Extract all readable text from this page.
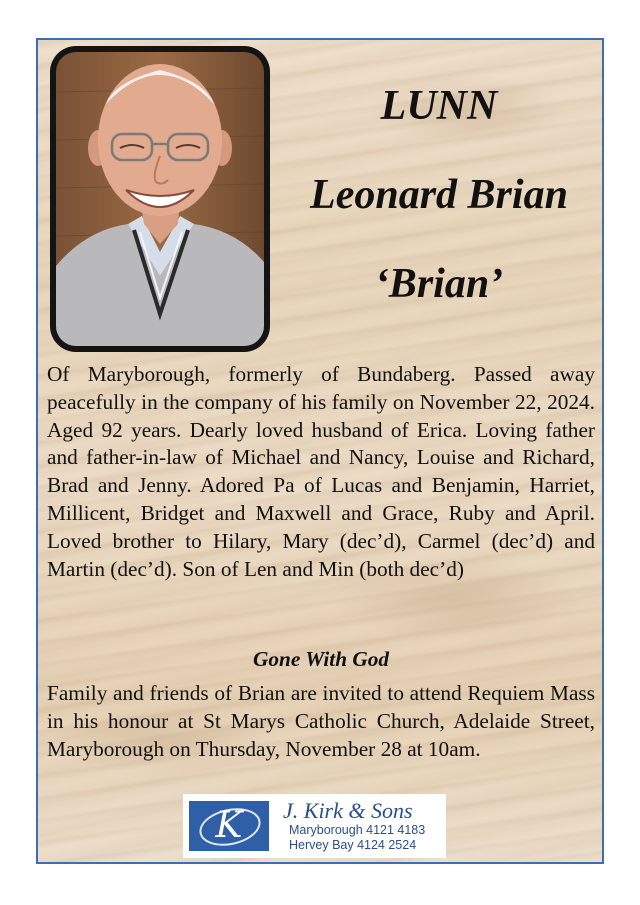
LUNN
Leonard Brian
‘Brian’

Of Maryborough, formerly of Bundaberg. Passed away peacefully in the company of his family on November 22, 2024. Aged 92 years. Dearly loved husband of Erica. Loving father and father-in-law of Michael and Nancy, Louise and Richard, Brad and Jenny. Adored Pa of Lucas and Benjamin, Harriet, Millicent, Bridget and Maxwell and Grace, Ruby and April. Loved brother to Hilary, Mary (dec’d), Carmel (dec’d) and Martin (dec’d). Son of Len and Min (both dec’d)

Gone With God

Family and friends of Brian are invited to attend Requiem Mass in his honour at St Marys Catholic Church, Adelaide Street, Maryborough on Thursday, November 28 at 10am.

K J. Kirk & Sons
Maryborough 4121 4183
Hervey Bay 4124 2524
